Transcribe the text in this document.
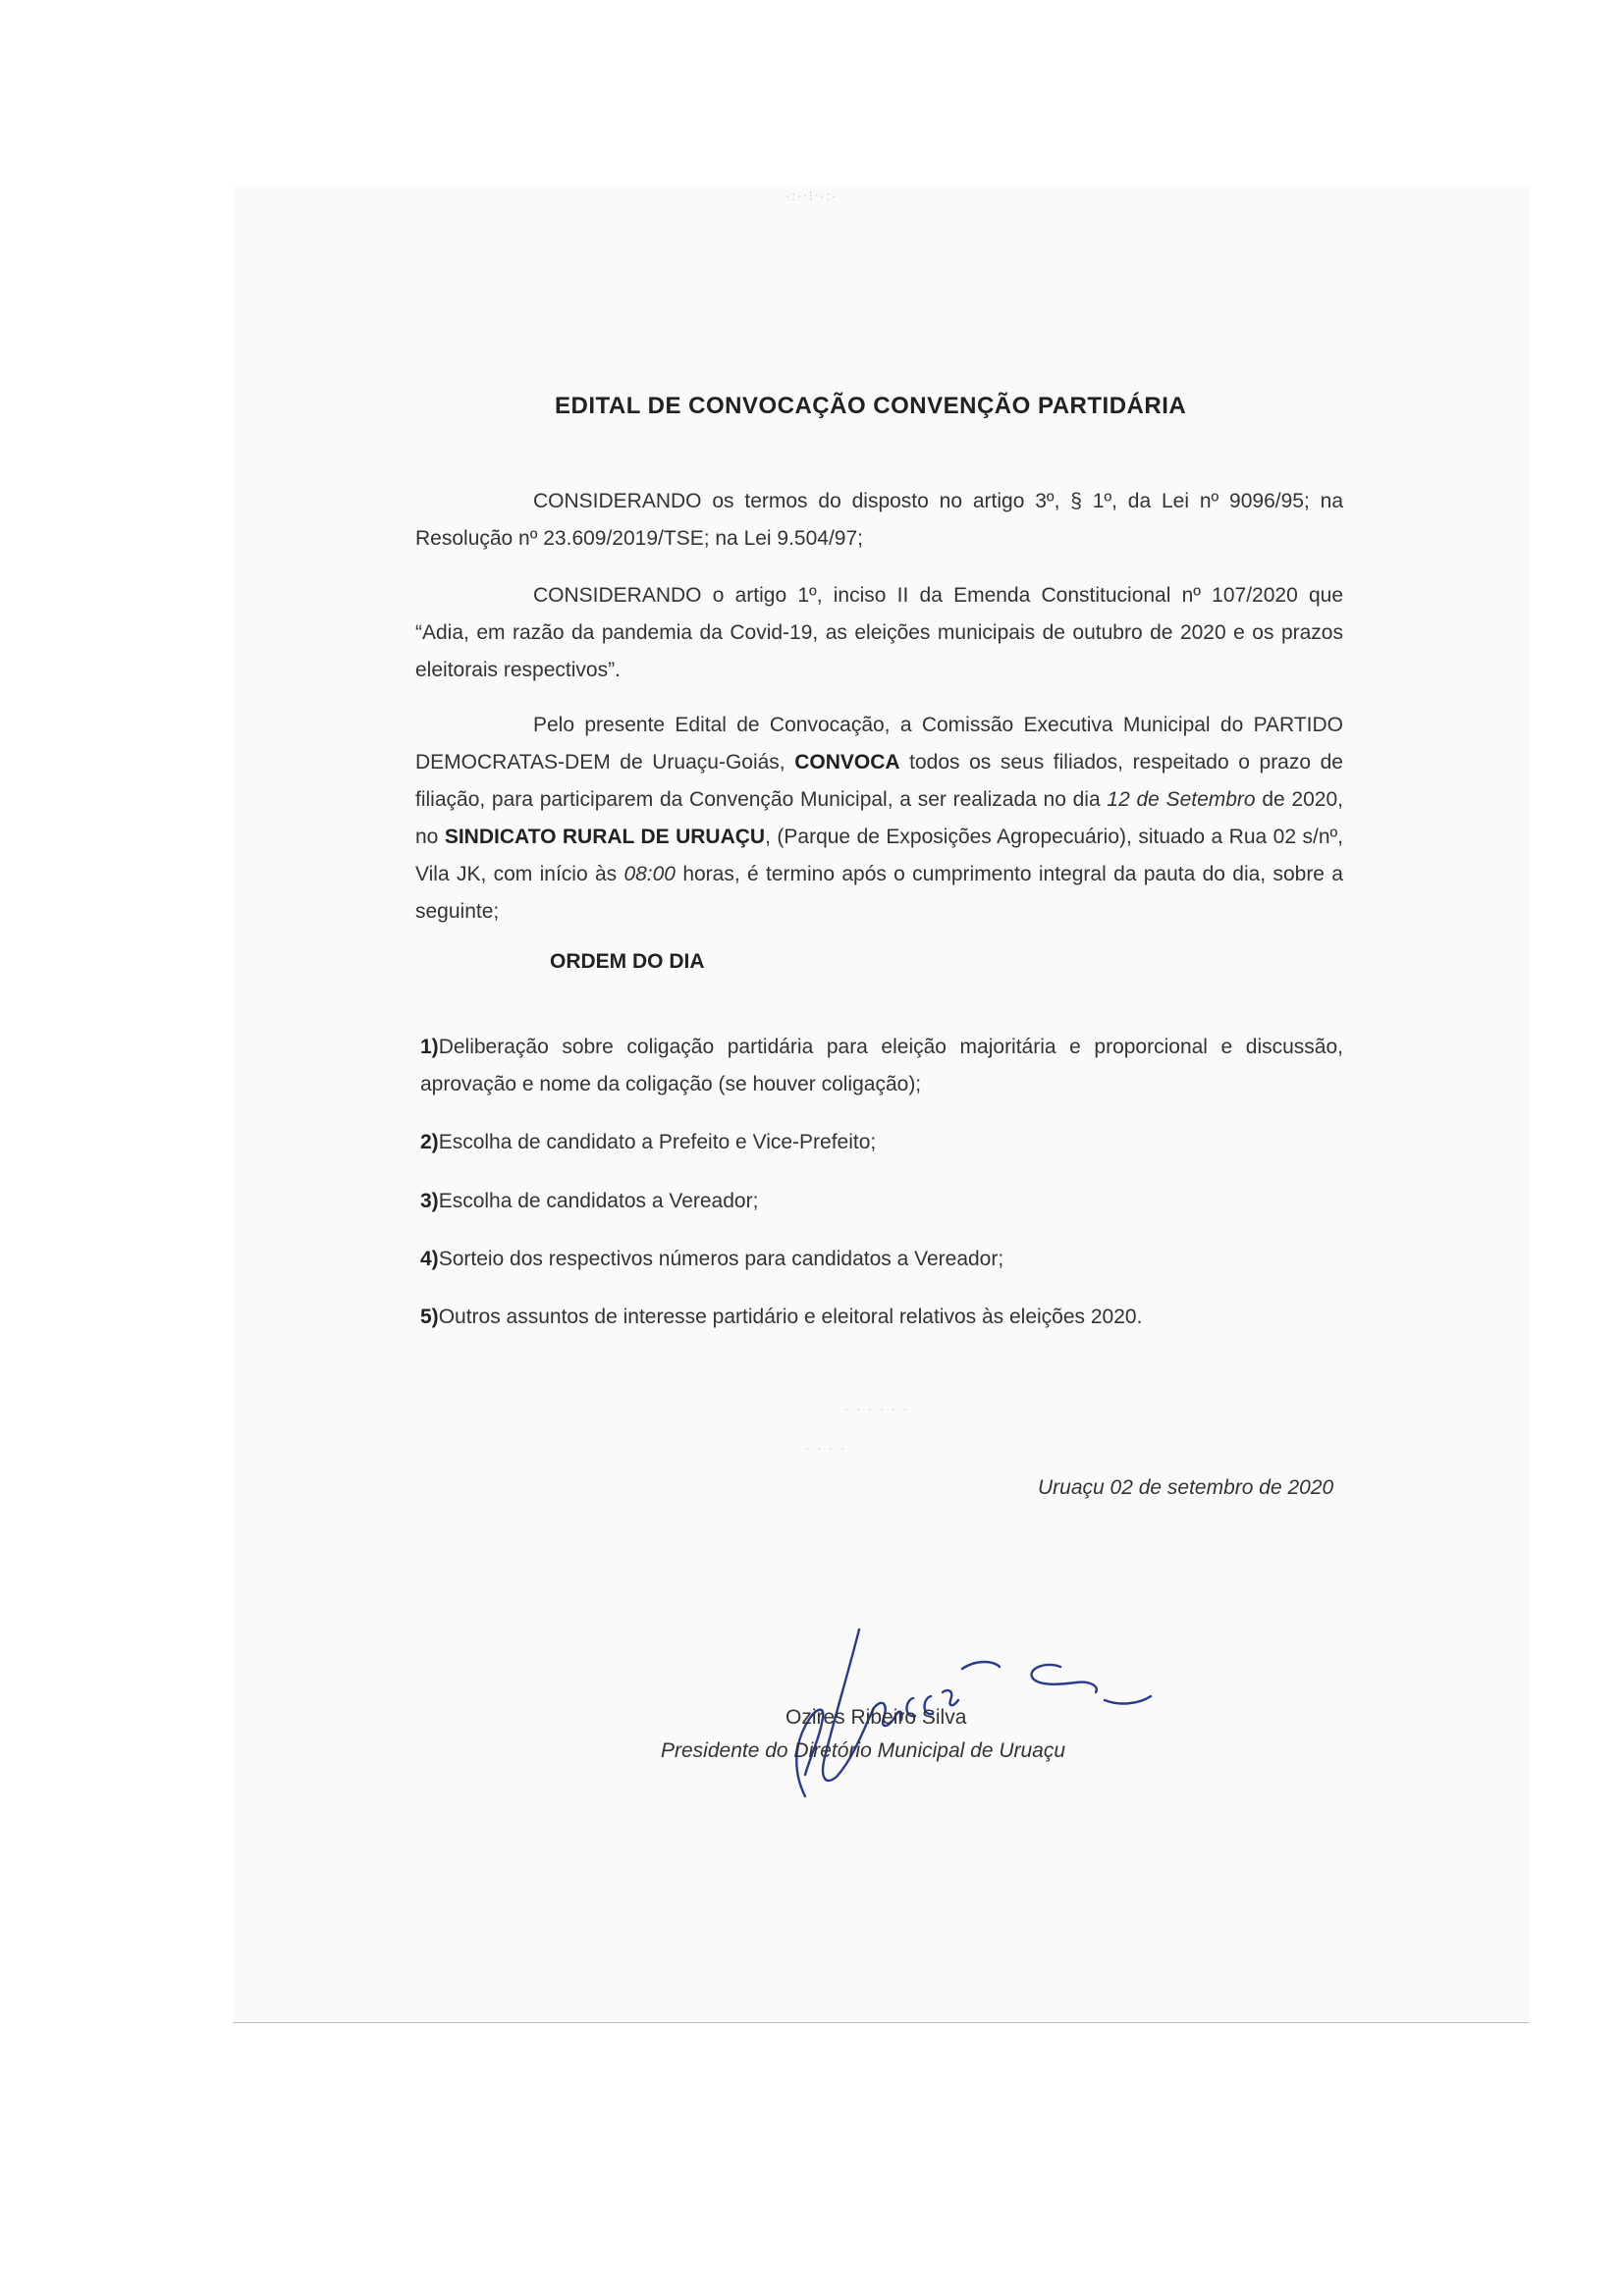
·:·ᐧ⁝ᐧ·:·
EDITAL DE CONVOCAÇÃO CONVENÇÃO PARTIDÁRIA
CONSIDERANDO os termos do disposto no artigo 3º, § 1º, da Lei nº 9096/95; na Resolução nº 23.609/2019/TSE; na Lei 9.504/97;
CONSIDERANDO o artigo 1º, inciso II da Emenda Constitucional nº 107/2020 que “Adia, em razão da pandemia da Covid-19, as eleições municipais de outubro de 2020 e os prazos eleitorais respectivos”.
Pelo presente Edital de Convocação, a Comissão Executiva Municipal do PARTIDO DEMOCRATAS-DEM de Uruaçu-Goiás, CONVOCA todos os seus filiados, respeitado o prazo de filiação, para participarem da Convenção Municipal, a ser realizada no dia 12 de Setembro de 2020, no SINDICATO RURAL DE URUAÇU, (Parque de Exposições Agropecuário), situado a Rua 02 s/nº, Vila JK, com início às 08:00 horas, é termino após o cumprimento integral da pauta do dia, sobre a seguinte;
ORDEM DO DIA
1)Deliberação sobre coligação partidária para eleição majoritária e proporcional e discussão, aprovação e nome da coligação (se houver coligação);
2)Escolha de candidato a Prefeito e Vice-Prefeito;
3)Escolha de candidatos a Vereador;
4)Sorteio dos respectivos números para candidatos a Vereador;
5)Outros assuntos de interesse partidário e eleitoral relativos às eleições 2020.
· · · · · ·
· · · ·
Uruaçu 02 de setembro de 2020
Ozires Ribeiro Silva
Presidente do Diretório Municipal de Uruaçu
